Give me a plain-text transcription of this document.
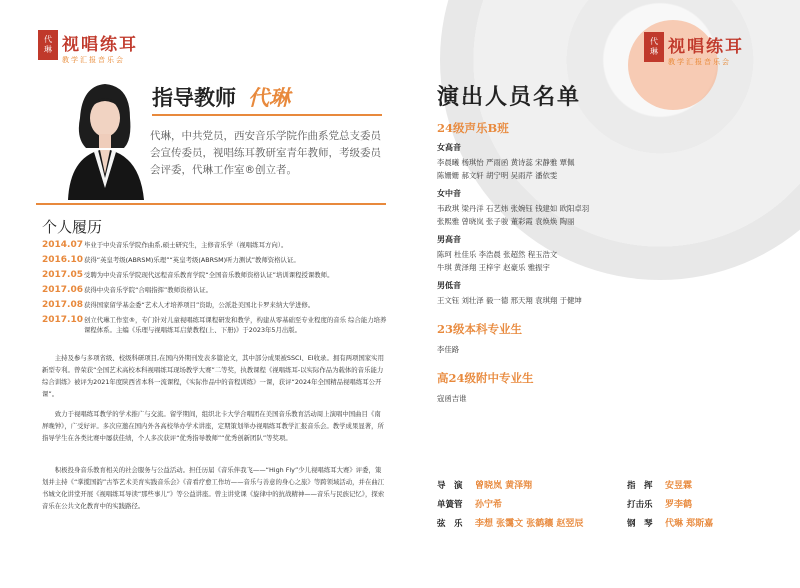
代
琳 视唱练耳
教学汇报音乐会
代
琳 视唱练耳
教学汇报音乐会
指导教师 代琳
代琳，中共党员，西安音乐学院作曲系党总支委员会宣传委员，视唱练耳教研室青年教师，考级委员会评委，代琳工作室®创立者。
个人履历
2014.07 毕业于中央音乐学院作曲系,硕士研究生，主修音乐学（视唱练耳方向）。
2016.10 获得“英皇考级(ABRSM)乐理”“英皇考级(ABRSM)听力测试”教师资格认证。
2017.05 受聘为中央音乐学院现代远程音乐教育学院“全国音乐教师资格认证”培训课程授课教师。
2017.06 获得中央音乐学院“合唱指挥”教师资格认证。
2017.08 获得国家留学基金委“艺术人才培养项目”资助，公派赴美国北卡罗来纳大学进修。
2017.10 创立代琳工作室®，专门针对儿童视唱练耳课程研发和教学，构建从零基础至专业程度的音乐 综合能力培养课程体系。主编《乐理与视唱练耳启蒙教程(上、下册)》于2023年5月出版。
主持及参与多项省级、校级科研项目,在国内外期刊发表多篇论文，其中部分成果被SSCI、EI收录。拥有两项国家实用新型专利。曾荣获“全国艺术高校本科视唱练耳现场教学大赛”二等奖，执教课程《视唱练耳-以实际作品为载体的音乐能力综合训练》被评为2021年度陕西省本科一流课程，《实际作品中的音程训练》一课，获评“2024年全国精品视唱练耳公开课”。
致力于视唱练耳教学的学术推广与交流。留学期间，组织北卡大学合唱团在美国音乐教育活动周上演唱中国曲目《南屏晚钟》，广受好评。多次应邀在国内外各高校举办学术讲座，定期策划举办视唱练耳教学汇报音乐会。教学成果显著，所指导学生在各类比赛中屡获佳绩，个人多次获评“优秀指导教师”“优秀创新团队”等奖项。
积极投身音乐教育相关的社会服务与公益活动。担任历届《音乐伴我飞——“High Fly”少儿视唱练耳大赛》评委，策划并主持《“掌揽国韵”古筝艺术美育实践音乐会》《音看疗愈工作坊——音乐与善意的身心之旅》等跨领域活动，并在曲江书城文化讲堂开展《视唱练耳导读“那些事儿”》等公益讲座。曾主讲党课《旋律中的抗战精神——音乐与民族记忆》，探索音乐在公共文化教育中的实践路径。
演出人员名单
24级声乐B班
女高音
李晨曦 杨琪怡 严雨函 黄诗蕊 宋静雅 覃佩
陈姗姗 郝文轩 胡宁明 吴雨芹 潘依雯
女中音
韦政琪 梁丹洋 石艺炜 张婉钰 钱建如 欧阳卓羽
张熙雅 曾晓岚 张子骏 董彩霞 袁焕焕 陶丽
男高音
陈珂 杜佳乐 李浩晨 张超然 程玉浩文
牛琪 黄泽翔 王梓宇 赵豪乐 雅振宇
男低音
王文钰 刘壮泽 毅一德 邢天翔 袁琪翔 于健坤
23级本科专业生
李佳路
高24级附中专业生
寇函吉谁
导　演	曾晓岚 黄泽翔	指　挥	安昱霖
单簧管	孙宁希	打击乐	罗李鹤
弦　乐	李想 张霭文 张鹤穰 赵翌辰	钢　琴	代琳 郑斯嘉
